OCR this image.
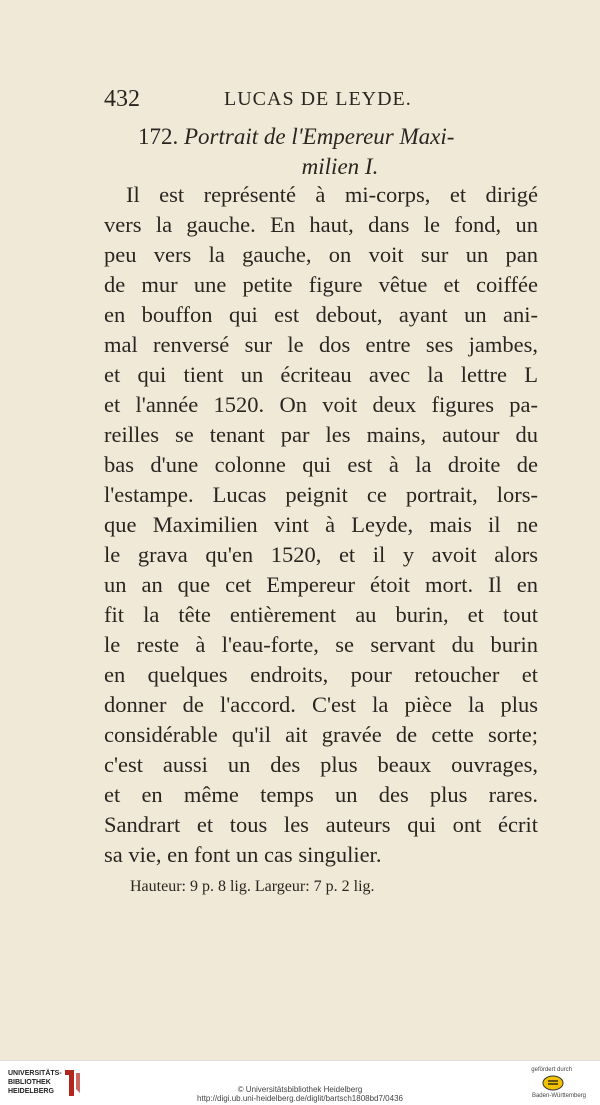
432	LUCAS DE LEYDE.
172. Portrait de l'Empereur Maxi-
milien I.
Il est représenté à mi-corps, et dirigé
vers la gauche. En haut, dans le fond, un
peu vers la gauche, on voit sur un pan
de mur une petite figure vêtue et coiffée
en bouffon qui est debout, ayant un ani-
mal renversé sur le dos entre ses jambes,
et qui tient un écriteau avec la lettre L
et l'année 1520. On voit deux figures pa-
reilles se tenant par les mains, autour du
bas d'une colonne qui est à la droite de
l'estampe. Lucas peignit ce portrait, lors-
que Maximilien vint à Leyde, mais il ne
le grava qu'en 1520, et il y avoit alors
un an que cet Empereur étoit mort. Il en
fit la tête entièrement au burin, et tout
le reste à l'eau-forte, se servant du burin
en quelques endroits, pour retoucher et
donner de l'accord. C'est la pièce la plus
considérable qu'il ait gravée de cette sorte;
c'est aussi un des plus beaux ouvrages,
et en même temps un des plus rares.
Sandrart et tous les auteurs qui ont écrit
sa vie, en font un cas singulier.
Hauteur: 9 p. 8 lig. Largeur: 7 p. 2 lig.
UNIVERSITÄTS-
BIBLIOTHEK
HEIDELBERG	© Universitätsbibliothek Heidelberg
http://digi.ub.uni-heidelberg.de/diglit/bartsch1808bd7/0436
gefördert durch
Baden-Württemberg
